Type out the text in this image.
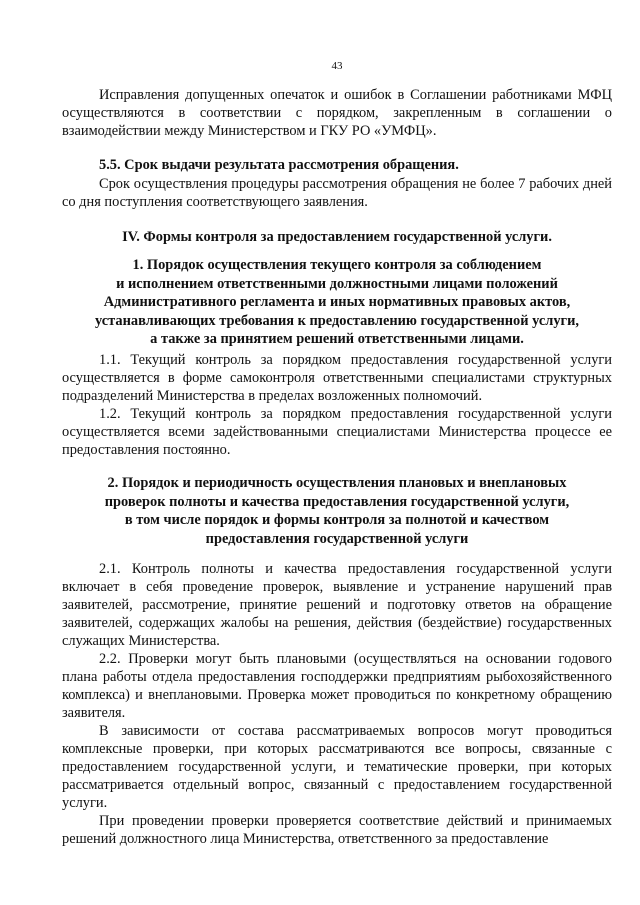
43

Исправления допущенных опечаток и ошибок в Соглашении работниками МФЦ осуществляются в соответствии с порядком, закрепленным в соглашении о взаимодействии между Министерством и ГКУ РО «УМФЦ».

5.5. Срок выдачи результата рассмотрения обращения.

Срок осуществления процедуры рассмотрения обращения не более 7 рабочих дней со дня поступления соответствующего заявления.

IV. Формы контроля за предоставлением государственной услуги.

1. Порядок осуществления текущего контроля за соблюдением
и исполнением ответственными должностными лицами положений
Административного регламента и иных нормативных правовых актов,
устанавливающих требования к предоставлению государственной услуги,
а также за принятием решений ответственными лицами.

1.1. Текущий контроль за порядком предоставления государственной услуги осуществляется в форме самоконтроля ответственными специалистами структурных подразделений Министерства в пределах возложенных полномочий.

1.2. Текущий контроль за порядком предоставления государственной услуги осуществляется всеми задействованными специалистами Министерства процессе ее предоставления постоянно.

2. Порядок и периодичность осуществления плановых и внеплановых
проверок полноты и качества предоставления государственной услуги,
в том числе порядок и формы контроля за полнотой и качеством
предоставления государственной услуги

2.1. Контроль полноты и качества предоставления государственной услуги включает в себя проведение проверок, выявление и устранение нарушений прав заявителей, рассмотрение, принятие решений и подготовку ответов на обращение заявителей, содержащих жалобы на решения, действия (бездействие) государственных служащих Министерства.

2.2. Проверки могут быть плановыми (осуществляться на основании годового плана работы отдела предоставления господдержки предприятиям рыбохозяйственного комплекса) и внеплановыми. Проверка может проводиться по конкретному обращению заявителя.

В зависимости от состава рассматриваемых вопросов могут проводиться комплексные проверки, при которых рассматриваются все вопросы, связанные с предоставлением государственной услуги, и тематические проверки, при которых рассматривается отдельный вопрос, связанный с предоставлением государственной услуги.

При проведении проверки проверяется соответствие действий и принимаемых решений должностного лица Министерства, ответственного за предоставление
